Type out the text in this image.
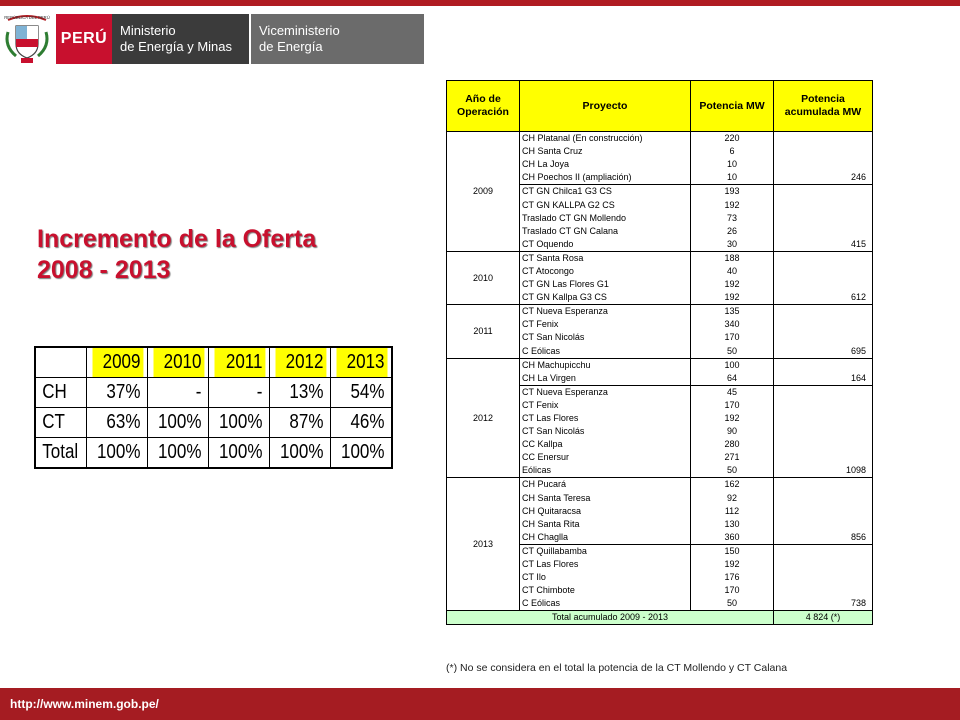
REPÚBLICA DEL PERÚ
PERÚ Ministerio
de Energía y Minas
Viceministerio
de Energía
Incremento de la Oferta
2008 - 2013
	2009	2010	2011	2012	2013
CH	37%	-	-	13%	54%
CT	63%	100%	100%	87%	46%
Total	100%	100%	100%	100%	100%
Año de Operación	Proyecto	Potencia MW	Potencia acumulada MW
2009	CH Platanal (En construcción)	220	
	CH Santa Cruz	6	
	CH La Joya	10	
	CH Poechos II (ampliación)	10	246
	CT GN Chilca1 G3 CS	193	
	CT GN KALLPA G2 CS	192	
	Traslado CT GN Mollendo	73	
	Traslado CT GN Calana	26	
	CT Oquendo	30	415
2010	CT Santa Rosa	188	
	CT Atocongo	40	
	CT GN Las Flores G1	192	
	CT GN Kallpa G3 CS	192	612
2011	CT Nueva Esperanza	135	
	CT Fenix	340	
	CT San Nicolás	170	
	C Eólicas	50	695
2012	CH Machupicchu	100	
	CH La Virgen	64	164
	CT Nueva Esperanza	45	
	CT Fenix	170	
	CT Las Flores	192	
	CT San Nicolás	90	
	CC Kallpa	280	
	CC Enersur	271	
	Eólicas	50	1098
2013	CH Pucará	162	
	CH Santa Teresa	92	
	CH Quitaracsa	112	
	CH Santa Rita	130	
	CH Chaglla	360	856
	CT Quillabamba	150	
	CT Las Flores	192	
	CT Ilo	176	
	CT Chimbote	170	
	C Eólicas	50	738
Total acumulado 2009 - 2013			4 824 (*)
(*) No se considera en el total la potencia de la CT Mollendo y CT Calana
http://www.minem.gob.pe/
